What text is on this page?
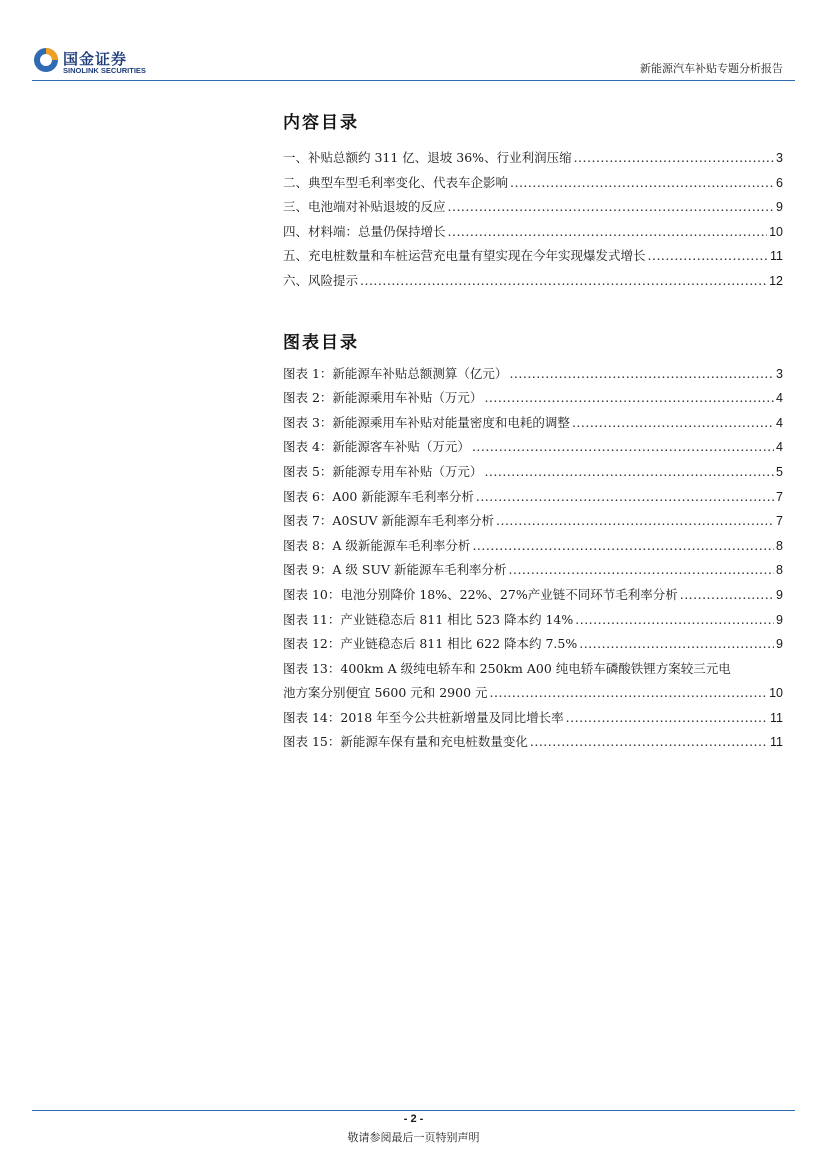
国金证券
SINOLINK SECURITIES	新能源汽车补贴专题分析报告
内容目录
一、补贴总额约 311 亿、退坡 36%、行业利润压缩 .....	3
二、典型车型毛利率变化、代表车企影响 .....	6
三、电池端对补贴退坡的反应 .....	9
四、材料端：总量仍保持增长 .....	10
五、充电桩数量和车桩运营充电量有望实现在今年实现爆发式增长 .....	11
六、风险提示 .....	12
图表目录
图表 1：新能源车补贴总额测算（亿元） .....	3
图表 2：新能源乘用车补贴（万元） .....	4
图表 3：新能源乘用车补贴对能量密度和电耗的调整 .....	4
图表 4：新能源客车补贴（万元） .....	4
图表 5：新能源专用车补贴（万元） .....	5
图表 6：A00 新能源车毛利率分析 .....	7
图表 7：A0SUV 新能源车毛利率分析 .....	7
图表 8：A 级新能源车毛利率分析 .....	8
图表 9：A 级 SUV 新能源车毛利率分析 .....	8
图表 10：电池分别降价 18%、22%、27%产业链不同环节毛利率分析 .....	9
图表 11：产业链稳态后 811 相比 523 降本约 14% .....	9
图表 12：产业链稳态后 811 相比 622 降本约 7.5% .....	9
图表 13：400km A 级纯电轿车和 250km A00 纯电轿车磷酸铁锂方案较三元电
池方案分别便宜 5600 元和 2900 元 .....	10
图表 14：2018 年至今公共桩新增量及同比增长率 .....	11
图表 15：新能源车保有量和充电桩数量变化 .....	11
- 2 -
敬请参阅最后一页特别声明
